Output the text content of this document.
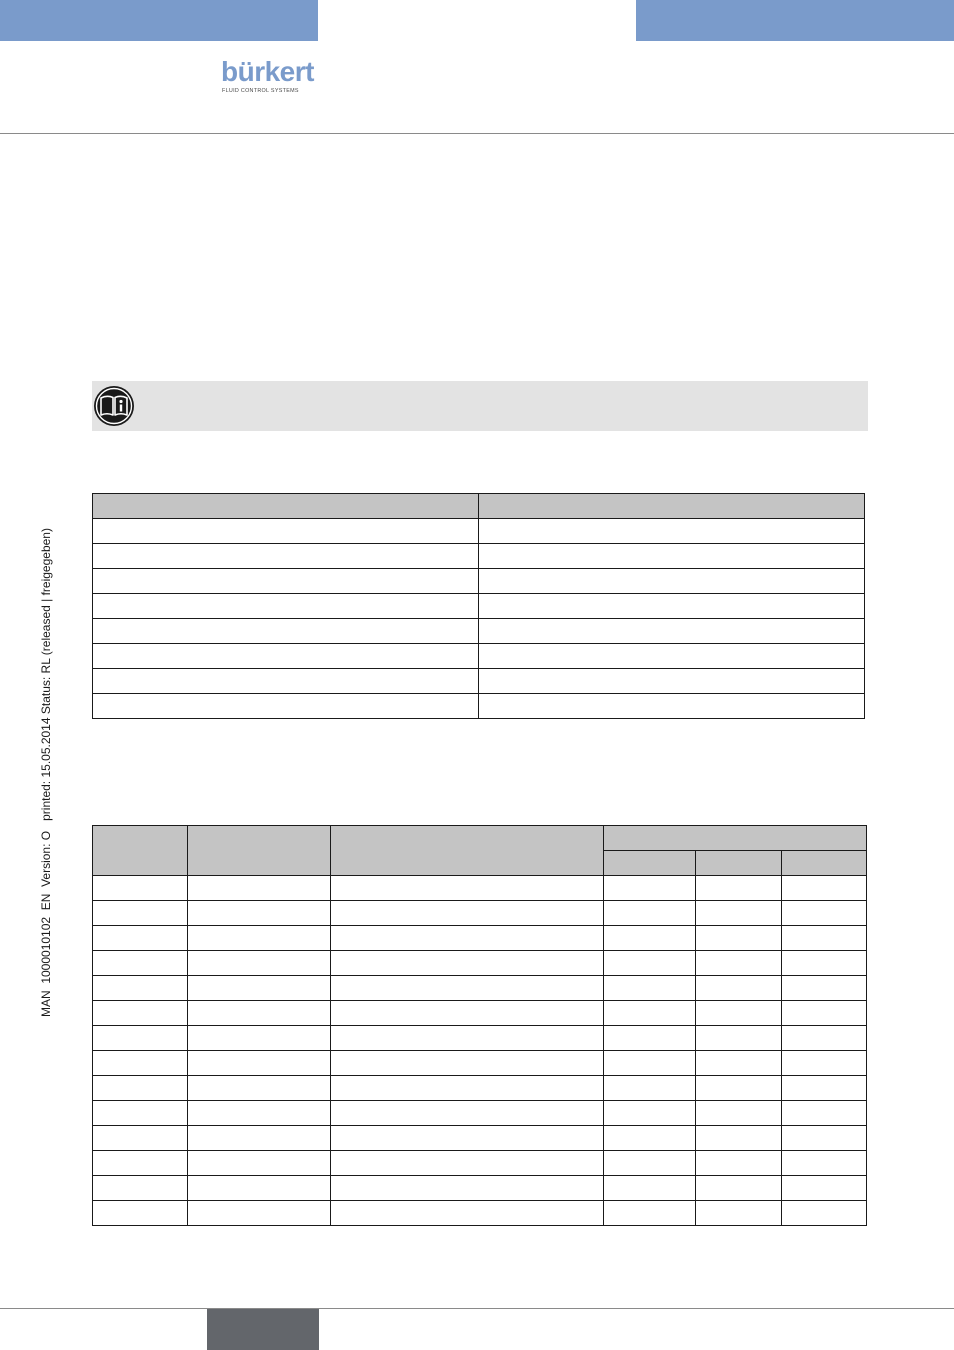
bürkert
FLUID CONTROL SYSTEMS
MAN  1000010102  EN  Version: O   printed: 15.05.2014 Status: RL (released | freigegeben)
